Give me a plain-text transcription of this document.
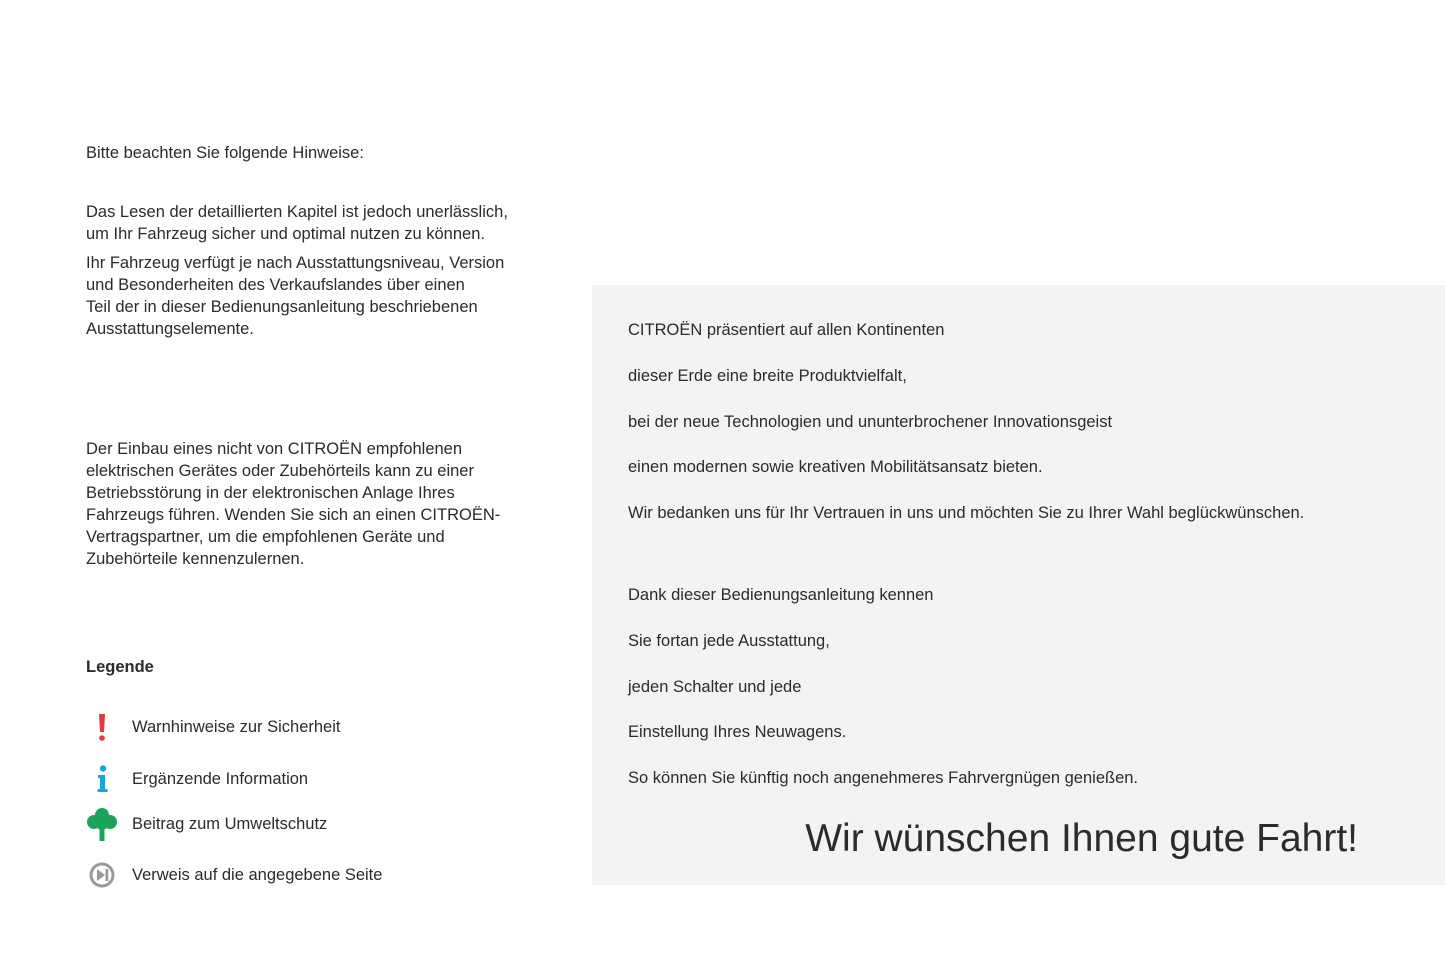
Bitte beachten Sie folgende Hinweise:

Das Lesen der detaillierten Kapitel ist jedoch unerlässlich,
um Ihr Fahrzeug sicher und optimal nutzen zu können.

Ihr Fahrzeug verfügt je nach Ausstattungsniveau, Version
und Besonderheiten des Verkaufslandes über einen
Teil der in dieser Bedienungsanleitung beschriebenen
Ausstattungselemente.

Der Einbau eines nicht von CITROËN empfohlenen
elektrischen Gerätes oder Zubehörteils kann zu einer
Betriebsstörung in der elektronischen Anlage Ihres
Fahrzeugs führen. Wenden Sie sich an einen CITROËN-
Vertragspartner, um die empfohlenen Geräte und
Zubehörteile kennenzulernen.

Legende

Warnhinweise zur Sicherheit
Ergänzende Information
Beitrag zum Umweltschutz
Verweis auf die angegebene Seite

CITROËN präsentiert auf allen Kontinenten

dieser Erde eine breite Produktvielfalt,

bei der neue Technologien und ununterbrochener Innovationsgeist

einen modernen sowie kreativen Mobilitätsansatz bieten.

Wir bedanken uns für Ihr Vertrauen in uns und möchten Sie zu Ihrer Wahl beglückwünschen.

Dank dieser Bedienungsanleitung kennen

Sie fortan jede Ausstattung,

jeden Schalter und jede

Einstellung Ihres Neuwagens.

So können Sie künftig noch angenehmeres Fahrvergnügen genießen.

Wir wünschen Ihnen gute Fahrt!
